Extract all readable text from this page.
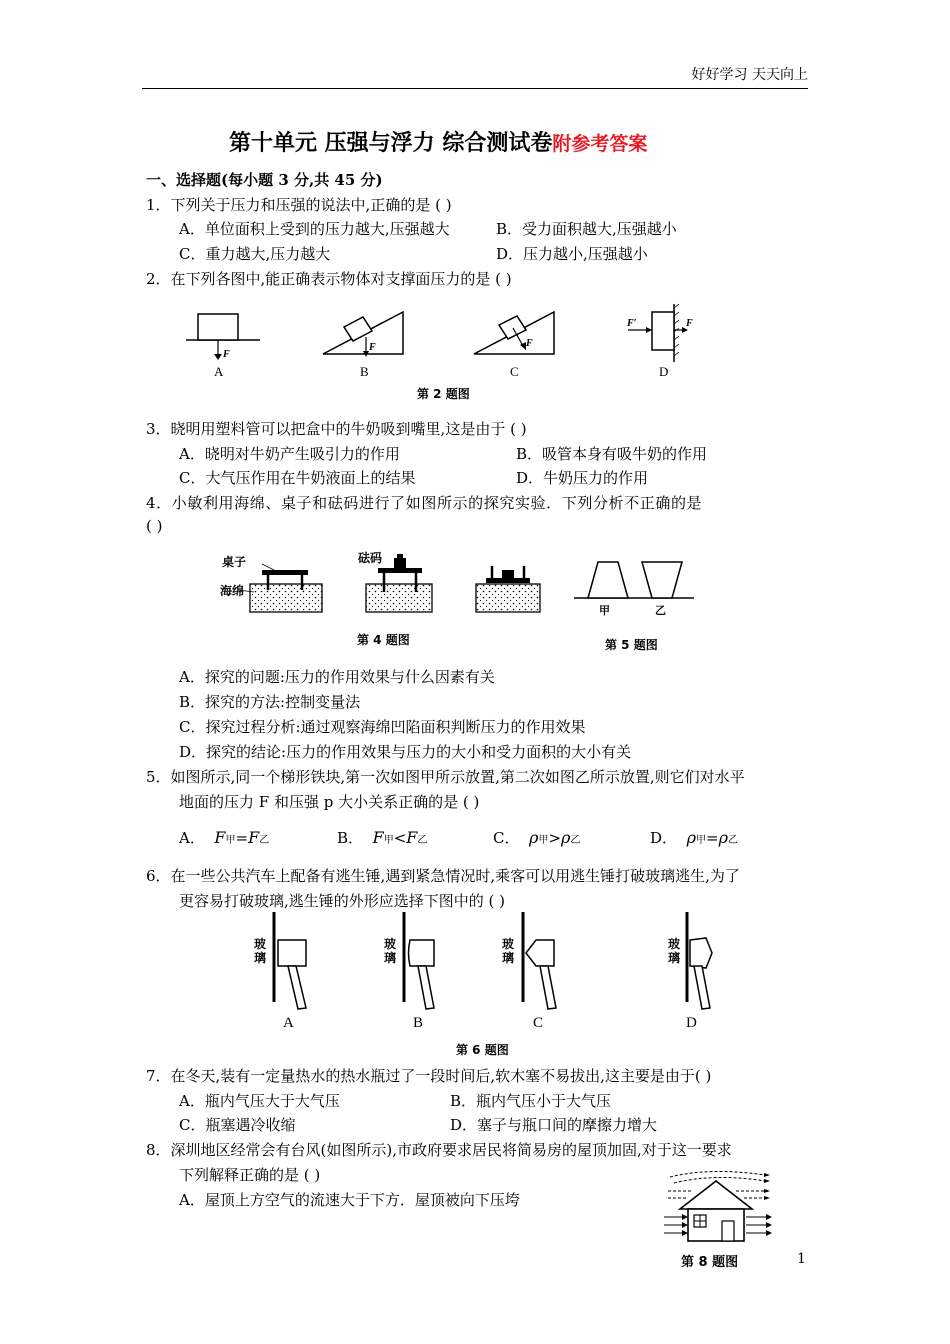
好好学习 天天向上
第十单元 压强与浮力 综合测试卷附参考答案
一、选择题(每小题 3 分,共 45 分)
1．下列关于压力和压强的说法中,正确的是 ( )
A．单位面积上受到的压力越大,压强越大	B．受力面积越大,压强越小
C．重力越大,压力越大	D．压力越小,压强越小
2．在下列各图中,能正确表示物体对支撑面压力的是 ( )
F
A
F
B
F
C
F′	F
D
第 2 题图
3．晓明用塑料管可以把盒中的牛奶吸到嘴里,这是由于 ( )
A．晓明对牛奶产生吸引力的作用	B．吸管本身有吸牛奶的作用
C．大气压作用在牛奶液面上的结果	D．牛奶压力的作用
4．小敏利用海绵、桌子和砝码进行了如图所示的探究实验．下列分析不正确的是
( )
桌子
海绵
砝码
甲	乙
第 4 题图	第 5 题图
A．探究的问题:压力的作用效果与什么因素有关
B．探究的方法:控制变量法
C．探究过程分析:通过观察海绵凹陷面积判断压力的作用效果
D．探究的结论:压力的作用效果与压力的大小和受力面积的大小有关
5．如图所示,同一个梯形铁块,第一次如图甲所示放置,第二次如图乙所示放置,则它们对水平
地面的压力 F 和压强 p 大小关系正确的是 ( )
A． F甲=F乙	B． F甲<F乙	C． ρ甲>ρ乙	D． ρ甲=ρ乙
6．在一些公共汽车上配备有逃生锤,遇到紧急情况时,乘客可以用逃生锤打破玻璃逃生,为了
更容易打破玻璃,逃生锤的外形应选择下图中的 ( )
玻
璃
A
玻
璃
B
玻
璃
C
玻
璃
D
第 6 题图
7．在冬天,装有一定量热水的热水瓶过了一段时间后,软木塞不易拔出,这主要是由于( )
A．瓶内气压大于大气压	B．瓶内气压小于大气压
C．瓶塞遇冷收缩	D．塞子与瓶口间的摩擦力增大
8．深圳地区经常会有台风(如图所示),市政府要求居民将简易房的屋顶加固,对于这一要求
下列解释正确的是 ( )
A．屋顶上方空气的流速大于下方．屋顶被向下压垮
第 8 题图	1
